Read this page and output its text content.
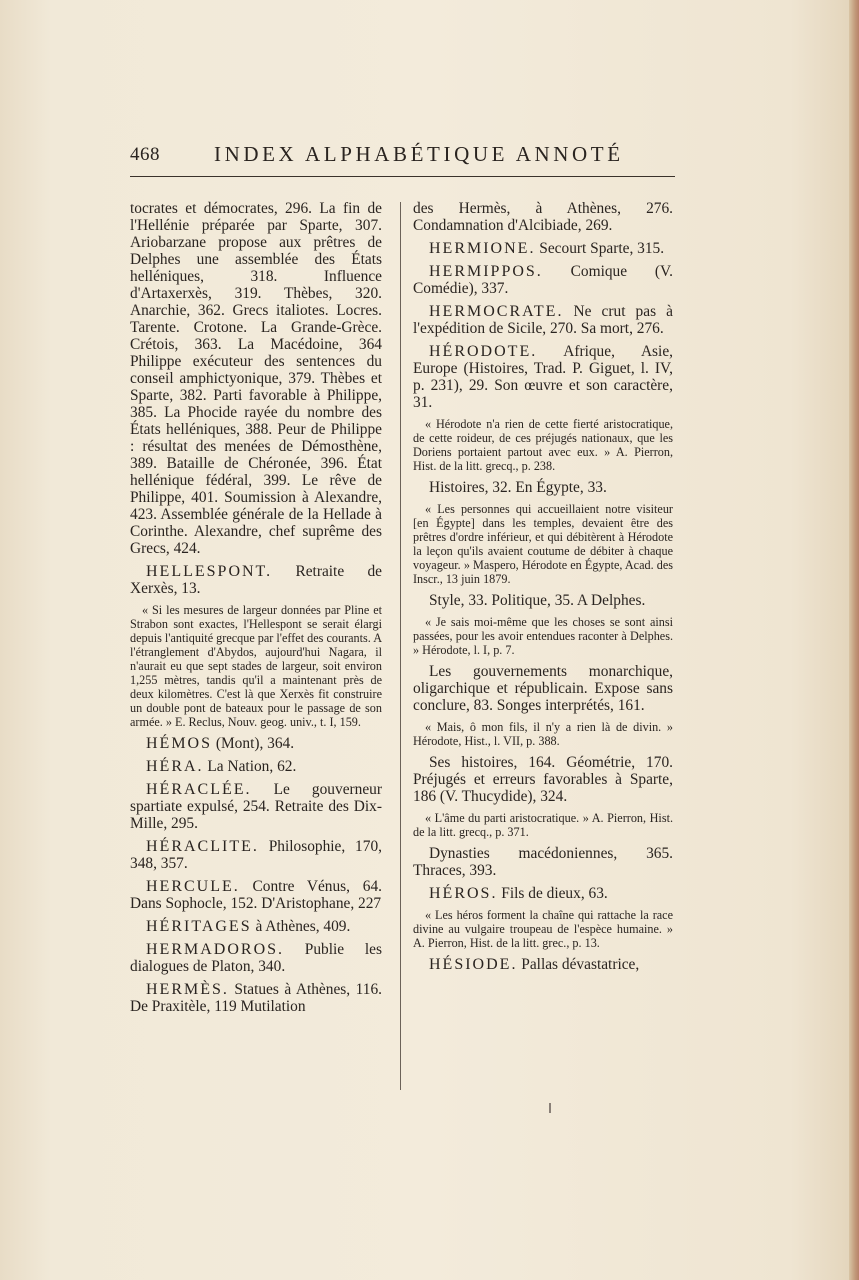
468	INDEX ALPHABÉTIQUE ANNOTÉ

tocrates et démocrates, 296. La fin de l'Hellénie préparée par Sparte, 307. Ariobarzane propose aux prêtres de Delphes une assemblée des États helléniques, 318. Influence d'Artaxerxès, 319. Thèbes, 320. Anarchie, 362. Grecs italiotes. Locres. Tarente. Crotone. La Grande-Grèce. Crétois, 363. La Macédoine, 364 Philippe exécuteur des sentences du conseil amphictyonique, 379. Thèbes et Sparte, 382. Parti favorable à Philippe, 385. La Phocide rayée du nombre des États helléniques, 388. Peur de Philippe : résultat des menées de Démosthène, 389. Bataille de Chéronée, 396. État hellénique fédéral, 399. Le rêve de Philippe, 401. Soumission à Alexandre, 423. Assemblée générale de la Hellade à Corinthe. Alexandre, chef suprême des Grecs, 424.

HELLESPONT. Retraite de Xerxès, 13.

« Si les mesures de largeur données par Pline et Strabon sont exactes, l'Hellespont se serait élargi depuis l'antiquité grecque par l'effet des courants. A l'étranglement d'Abydos, aujourd'hui Nagara, il n'aurait eu que sept stades de largeur, soit environ 1,255 mètres, tandis qu'il a maintenant près de deux kilomètres. C'est là que Xerxès fit construire un double pont de bateaux pour le passage de son armée. » E. Reclus, Nouv. geog. univ., t. I, 159.

HÉMOS (Mont), 364.

HÉRA. La Nation, 62.

HÉRACLÉE. Le gouverneur spartiate expulsé, 254. Retraite des Dix-Mille, 295.

HÉRACLITE. Philosophie, 170, 348, 357.

HERCULE. Contre Vénus, 64. Dans Sophocle, 152. D'Aristophane, 227

HÉRITAGES à Athènes, 409.

HERMADOROS. Publie les dialogues de Platon, 340.

HERMÈS. Statues à Athènes, 116. De Praxitèle, 119 Mutilation

des Hermès, à Athènes, 276. Condamnation d'Alcibiade, 269.

HERMIONE. Secourt Sparte, 315.

HERMIPPOS. Comique (V. Comédie), 337.

HERMOCRATE. Ne crut pas à l'expédition de Sicile, 270. Sa mort, 276.

HÉRODOTE. Afrique, Asie, Europe (Histoires, Trad. P. Giguet, l. IV, p. 231), 29. Son œuvre et son caractère, 31.

« Hérodote n'a rien de cette fierté aristocratique, de cette roideur, de ces préjugés nationaux, que les Doriens portaient partout avec eux. » A. Pierron, Hist. de la litt. grecq., p. 238.

Histoires, 32. En Égypte, 33.

« Les personnes qui accueillaient notre visiteur [en Égypte] dans les temples, devaient être des prêtres d'ordre inférieur, et qui débitèrent à Hérodote la leçon qu'ils avaient coutume de débiter à chaque voyageur. » Maspero, Hérodote en Égypte, Acad. des Inscr., 13 juin 1879.

Style, 33. Politique, 35. A Delphes.

« Je sais moi-même que les choses se sont ainsi passées, pour les avoir entendues raconter à Delphes. » Hérodote, l. I, p. 7.

Les gouvernements monarchique, oligarchique et républicain. Expose sans conclure, 83. Songes interprétés, 161.

« Mais, ô mon fils, il n'y a rien là de divin. » Hérodote, Hist., l. VII, p. 388.

Ses histoires, 164. Géométrie, 170. Préjugés et erreurs favorables à Sparte, 186 (V. Thucydide), 324.

« L'âme du parti aristocratique. » A. Pierron, Hist. de la litt. grecq., p. 371.

Dynasties macédoniennes, 365. Thraces, 393.

HÉROS. Fils de dieux, 63.

« Les héros forment la chaîne qui rattache la race divine au vulgaire troupeau de l'espèce humaine. » A. Pierron, Hist. de la litt. grec., p. 13.

HÉSIODE. Pallas dévastatrice,
